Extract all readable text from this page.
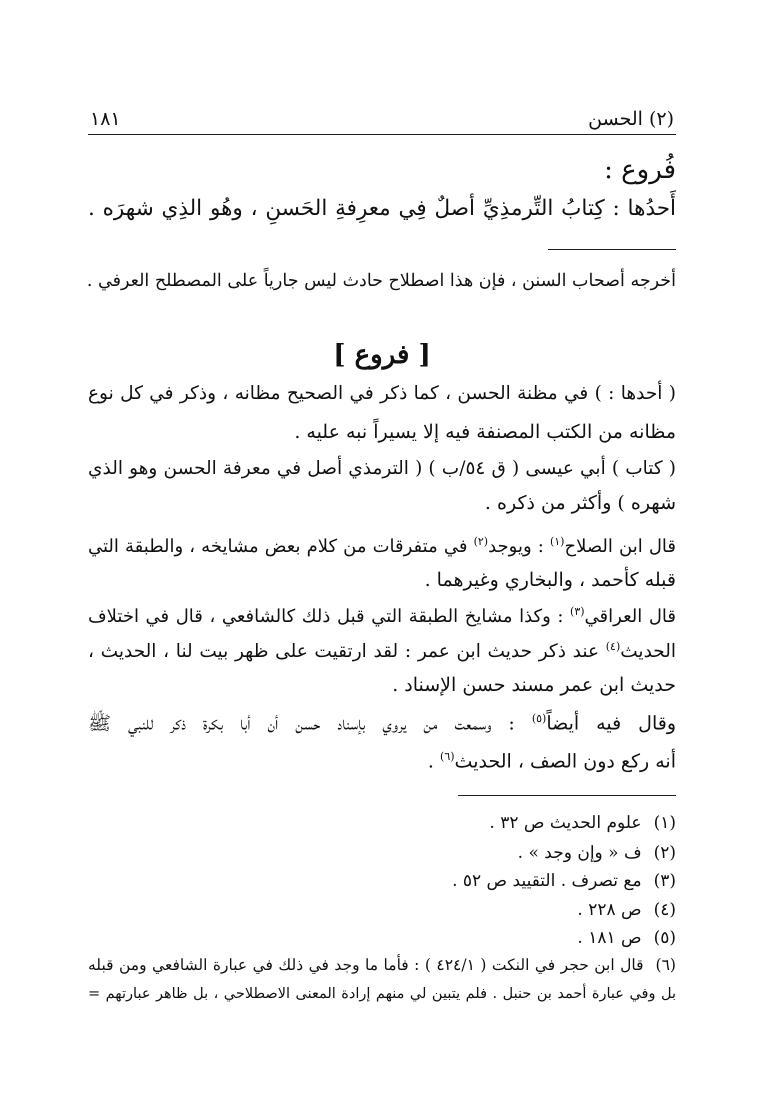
(٢) الحسن
١٨١
فُروع :
أَحدُها : كِتابُ التِّرمذِيِّ أصلٌ فِي معرِفةِ الحَسنِ ، وهُو الذِي شهرَه .
أخرجه أصحاب السنن ، فإن هذا اصطلاح حادث ليس جارياً على المصطلح العرفي .
[ فروع ]
( أحدها : ) في مظنة الحسن ، كما ذكر في الصحيح مظانه ، وذكر في كل نوع
مظانه من الكتب المصنفة فيه إلا يسيراً نبه عليه .
( كتاب ) أبي عيسى ( ق ٥٤/ب ) ( الترمذي أصل في معرفة الحسن وهو الذي
شهره ) وأكثر من ذكره .
قال ابن الصلاح$^{(١)}$ : ويوجد$^{(٢)}$ في متفرقات من كلام بعض مشايخه ، والطبقة التي
قبله كأحمد ، والبخاري وغيرهما .
قال العراقي$^{(٣)}$ : وكذا مشايخ الطبقة التي قبل ذلك كالشافعي ، قال في اختلاف
الحديث$^{(٤)}$ عند ذكر حديث ابن عمر : لقد ارتقيت على ظهر بيت لنا ، الحديث ،
حديث ابن عمر مسند حسن الإسناد .
وقال فيه أيضاً$^{(٥)}$ : وسمعت من يروي بإسناد حسن أن أبا بكرة ذكر للنبي ﷺ
أنه ركع دون الصف ، الحديث$^{(٦)}$ .
(١)علوم الحديث ص ٣٢ .
(٢)ف « وإن وجد » .
(٣)مع تصرف . التقييد ص ٥٢ .
(٤)ص ٢٢٨ .
(٥)ص ١٨١ .
(٦)قال ابن حجر في النكت ( ٤٢٤/١ ) : فأما ما وجد في ذلك في عبارة الشافعي ومن قبله
بل وفي عبارة أحمد بن حنبل . فلم يتبين لي منهم إرادة المعنى الاصطلاحي ، بل ظاهر عبارتهم =
